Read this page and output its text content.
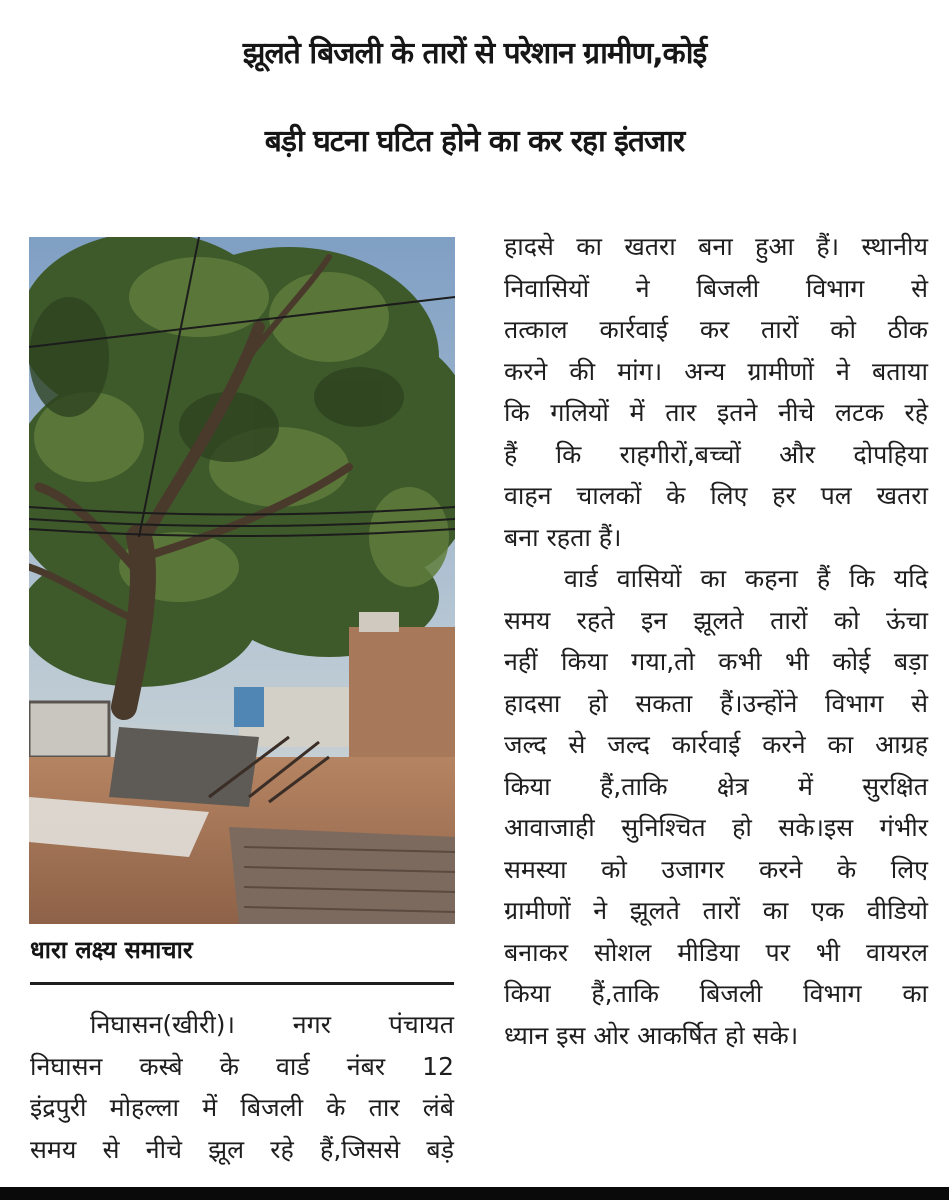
झूलते बिजली के तारों से परेशान ग्रामीण,कोई
बड़ी घटना घटित होने का कर रहा इंतजार
धारा लक्ष्य समाचार
निघासन(खीरी)। नगर पंचायत
निघासन कस्बे के वार्ड नंबर 12
इंद्रपुरी मोहल्ला में बिजली के तार लंबे
समय से नीचे झूल रहे हैं,जिससे बड़े
हादसे का खतरा बना हुआ हैं। स्थानीय
निवासियों ने बिजली विभाग से
तत्काल कार्रवाई कर तारों को ठीक
करने की मांग। अन्य ग्रामीणों ने बताया
कि गलियों में तार इतने नीचे लटक रहे
हैं कि राहगीरों,बच्चों और दोपहिया
वाहन चालकों के लिए हर पल खतरा
बना रहता हैं।
वार्ड वासियों का कहना हैं कि यदि
समय रहते इन झूलते तारों को ऊंचा
नहीं किया गया,तो कभी भी कोई बड़ा
हादसा हो सकता हैं।उन्होंने विभाग से
जल्द से जल्द कार्रवाई करने का आग्रह
किया हैं,ताकि क्षेत्र में सुरक्षित
आवाजाही सुनिश्चित हो सके।इस गंभीर
समस्या को उजागर करने के लिए
ग्रामीणों ने झूलते तारों का एक वीडियो
बनाकर सोशल मीडिया पर भी वायरल
किया हैं,ताकि बिजली विभाग का
ध्यान इस ओर आकर्षित हो सके।
